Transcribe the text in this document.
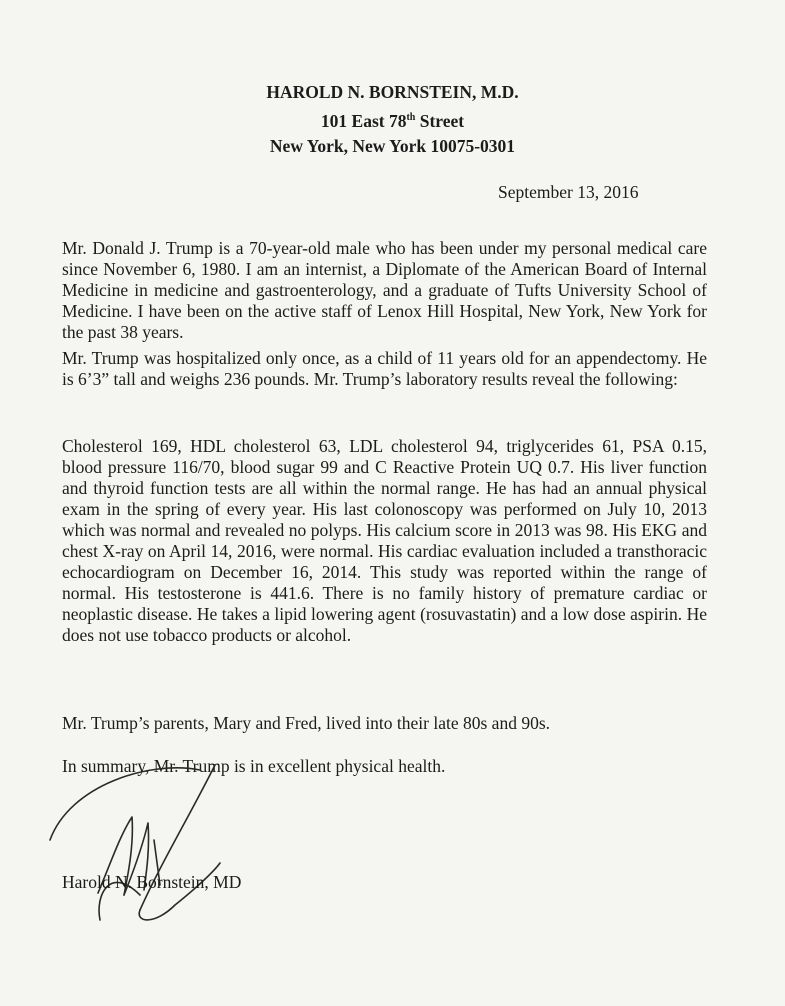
HAROLD N. BORNSTEIN, M.D.
101 East 78th Street
New York, New York 10075-0301
September 13, 2016
Mr. Donald J. Trump is a 70-year-old male who has been under my personal medical care since November 6, 1980. I am an internist, a Diplomate of the American Board of Internal Medicine in medicine and gastroenterology, and a graduate of Tufts University School of Medicine. I have been on the active staff of Lenox Hill Hospital, New York, New York for the past 38 years.
Mr. Trump was hospitalized only once, as a child of 11 years old for an appendectomy. He is 6’3” tall and weighs 236 pounds. Mr. Trump’s laboratory results reveal the following:
Cholesterol 169, HDL cholesterol 63, LDL cholesterol 94, triglycerides 61, PSA 0.15, blood pressure 116/70, blood sugar 99 and C Reactive Protein UQ 0.7. His liver function and thyroid function tests are all within the normal range. He has had an annual physical exam in the spring of every year. His last colonoscopy was performed on July 10, 2013 which was normal and revealed no polyps. His calcium score in 2013 was 98. His EKG and chest X-ray on April 14, 2016, were normal. His cardiac evaluation included a transthoracic echocardiogram on December 16, 2014. This study was reported within the range of normal. His testosterone is 441.6. There is no family history of premature cardiac or neoplastic disease. He takes a lipid lowering agent (rosuvastatin) and a low dose aspirin. He does not use tobacco products or alcohol.
Mr. Trump’s parents, Mary and Fred, lived into their late 80s and 90s.
In summary, Mr. Trump is in excellent physical health.
Harold N. Bornstein, MD
